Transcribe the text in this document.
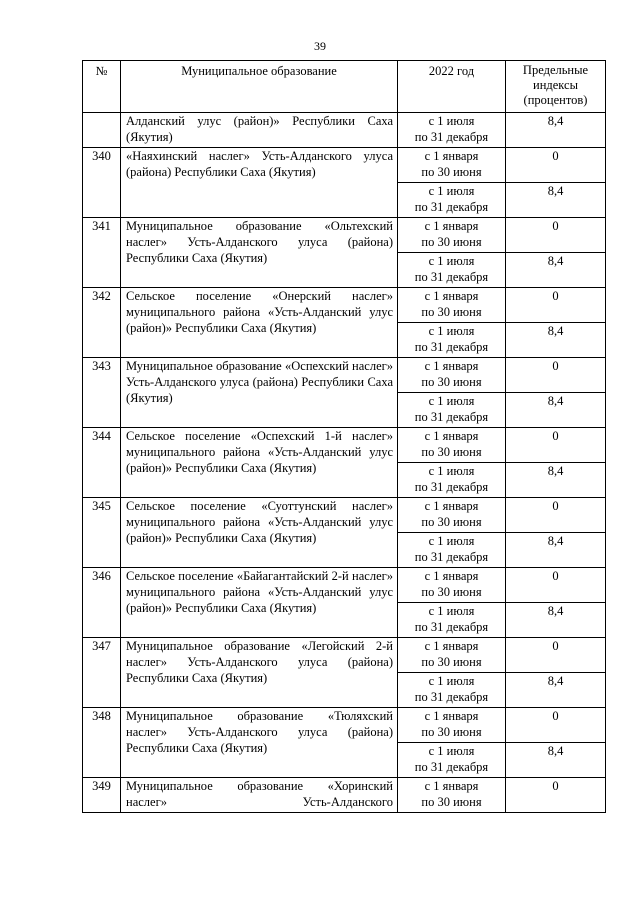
39
№	Муниципальное образование	2022 год	Предельные индексы (процентов)
	Алданский улус (район)» Республики Саха (Якутия)	с 1 июля
по 31 декабря	8,4
340	«Наяхинский наслег» Усть-Алданского улуса (района) Республики Саха (Якутия)	с 1 января
по 30 июня	0

		с 1 июля
по 31 декабря	8,4
341	Муниципальное образование «Ольтехский наслег» Усть-Алданского улуса (района) Республики Саха (Якутия)	с 1 января
по 30 июня	0

		с 1 июля
по 31 декабря	8,4
342	Сельское поселение «Онерский наслег» муниципального района «Усть-Алданский улус (район)» Республики Саха (Якутия)	с 1 января
по 30 июня	0

		с 1 июля
по 31 декабря	8,4
343	Муниципальное образование «Оспехский наслег» Усть-Алданского улуса (района) Республики Саха (Якутия)	с 1 января
по 30 июня	0

		с 1 июля
по 31 декабря	8,4
344	Сельское поселение «Оспехский 1-й наслег» муниципального района «Усть-Алданский улус (район)» Республики Саха (Якутия)	с 1 января
по 30 июня	0

		с 1 июля
по 31 декабря	8,4
345	Сельское поселение «Суоттунский наслег» муниципального района «Усть-Алданский улус (район)» Республики Саха (Якутия)	с 1 января
по 30 июня	0

		с 1 июля
по 31 декабря	8,4
346	Сельское поселение «Байагантайский 2-й наслег» муниципального района «Усть-Алданский улус (район)» Республики Саха (Якутия)	с 1 января
по 30 июня	0

		с 1 июля
по 31 декабря	8,4
347	Муниципальное образование «Легойский 2-й наслег» Усть-Алданского улуса (района) Республики Саха (Якутия)	с 1 января
по 30 июня	0

		с 1 июля
по 31 декабря	8,4
348	Муниципальное образование «Тюляхский наслег» Усть-Алданского улуса (района) Республики Саха (Якутия)	с 1 января
по 30 июня	0

		с 1 июля
по 31 декабря	8,4
349	Муниципальное образование «Хоринский наслег» Усть-Алданского	с 1 января
по 30 июня	0
